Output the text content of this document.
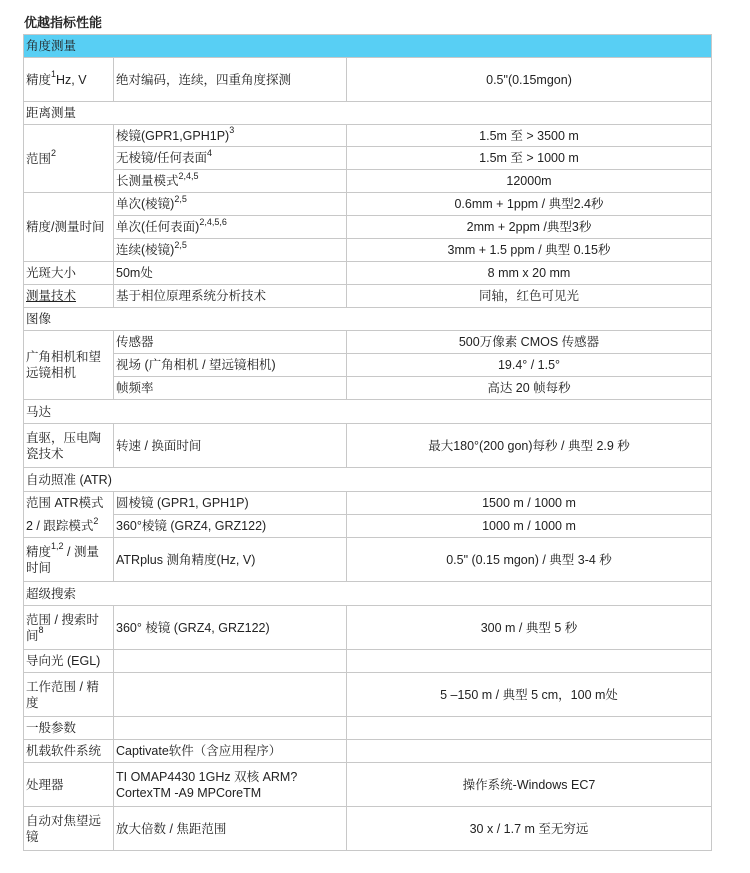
优越指标性能
角度测量		
精度$^1$Hz, V	绝对编码，连续，四重角度探测	0.5"(0.15mgon)
距离测量		
范围$^2$	棱镜$(GPR1,GPH1P)^3$	1.5m 至 > 3500 m
	无棱镜/任何表面$^4$	1.5m 至 > 1000 m
	长测量模式$^{2,4,5}$	12000m
精度/测量时间	单次(棱镜)$^{2,5}$	0.6mm + 1ppm / 典型2.4秒
	单次(任何表面)$^{2,4,5,6}$	2mm + 2ppm /典型3秒
	连续(棱镜)$^{2,5}$	3mm + 1.5 ppm / 典型 0.15秒
光斑大小	50m处	8 mm x 20 mm
测量技术	基于相位原理系统分析技术	同轴，红色可见光
图像		
广角相机和望远镜相机	传感器	500万像素 CMOS 传感器
	视场 (广角相机 / 望远镜相机)	19.4° / 1.5°
	帧频率	高达 20 帧每秒
马达		
直驱，压电陶瓷技术	转速 / 换面时间	最大180°(200 gon)每秒 / 典型 2.9 秒
自动照准 (ATR)		
范围 ATR模式	圆棱镜 (GPR1, GPH1P)	1500 m / 1000 m
2 / 跟踪模式$^2$	360°棱镜 (GRZ4, GRZ122)	1000 m / 1000 m
精度$^{1,2}$ / 测量时间	ATRplus 测角精度(Hz, V)	0.5" (0.15 mgon) / 典型 3-4 秒
超级搜索		
范围 / 搜索时间$^8$	360° 棱镜 (GRZ4, GRZ122)	300 m / 典型 5 秒
导向光 (EGL)		
工作范围 / 精度		5 –150 m / 典型 5 cm，100 m处
一般参数		
机载软件系统	Captivate软件（含应用程序）	
处理器	TI OMAP4430 1GHz 双核 ARM? CortexTM -A9 MPCoreTM	操作系统-Windows EC7
自动对焦望远镜	放大倍数 / 焦距范围	30 x / 1.7 m 至无穷远
